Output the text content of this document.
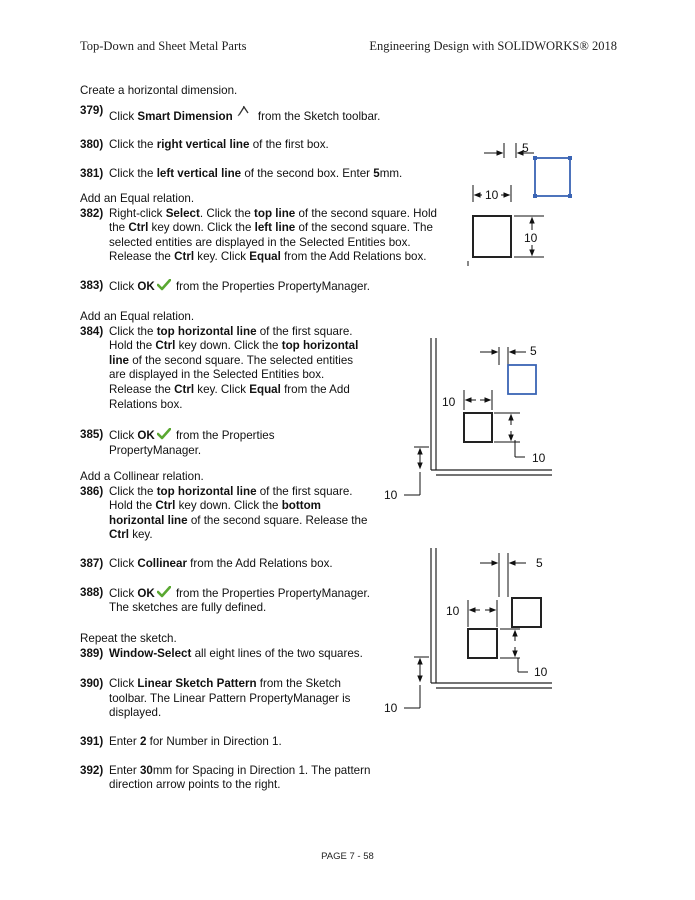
Top-Down and Sheet Metal Parts	Engineering Design with SOLIDWORKS® 2018

Create a horizontal dimension.

379) Click Smart Dimension from the Sketch toolbar.
380) Click the right vertical line of the first box.
381) Click the left vertical line of the second box. Enter 5mm.

Add an Equal relation.

382) Right-click Select. Click the top line of the second square. Hold the Ctrl key down. Click the left line of the second square. The selected entities are displayed in the Selected Entities box. Release the Ctrl key. Click Equal from the Add Relations box.
383) Click OK from the Properties PropertyManager.

Add an Equal relation.

384) Click the top horizontal line of the first square. Hold the Ctrl key down. Click the top horizontal line of the second square. The selected entities are displayed in the Selected Entities box. Release the Ctrl key. Click Equal from the Add Relations box.
385) Click OK from the Properties PropertyManager.

Add a Collinear relation.

386) Click the top horizontal line of the first square. Hold the Ctrl key down. Click the bottom horizontal line of the second square. Release the Ctrl key.
387) Click Collinear from the Add Relations box.
388) Click OK from the Properties PropertyManager. The sketches are fully defined.

Repeat the sketch.

389) Window-Select all eight lines of the two squares.
390) Click Linear Sketch Pattern from the Sketch toolbar. The Linear Pattern PropertyManager is displayed.
391) Enter 2 for Number in Direction 1.
392) Enter 30mm for Spacing in Direction 1. The pattern direction arrow points to the right.
5
10
10
5
10
10
10
5
10
10
10
PAGE 7 - 58
